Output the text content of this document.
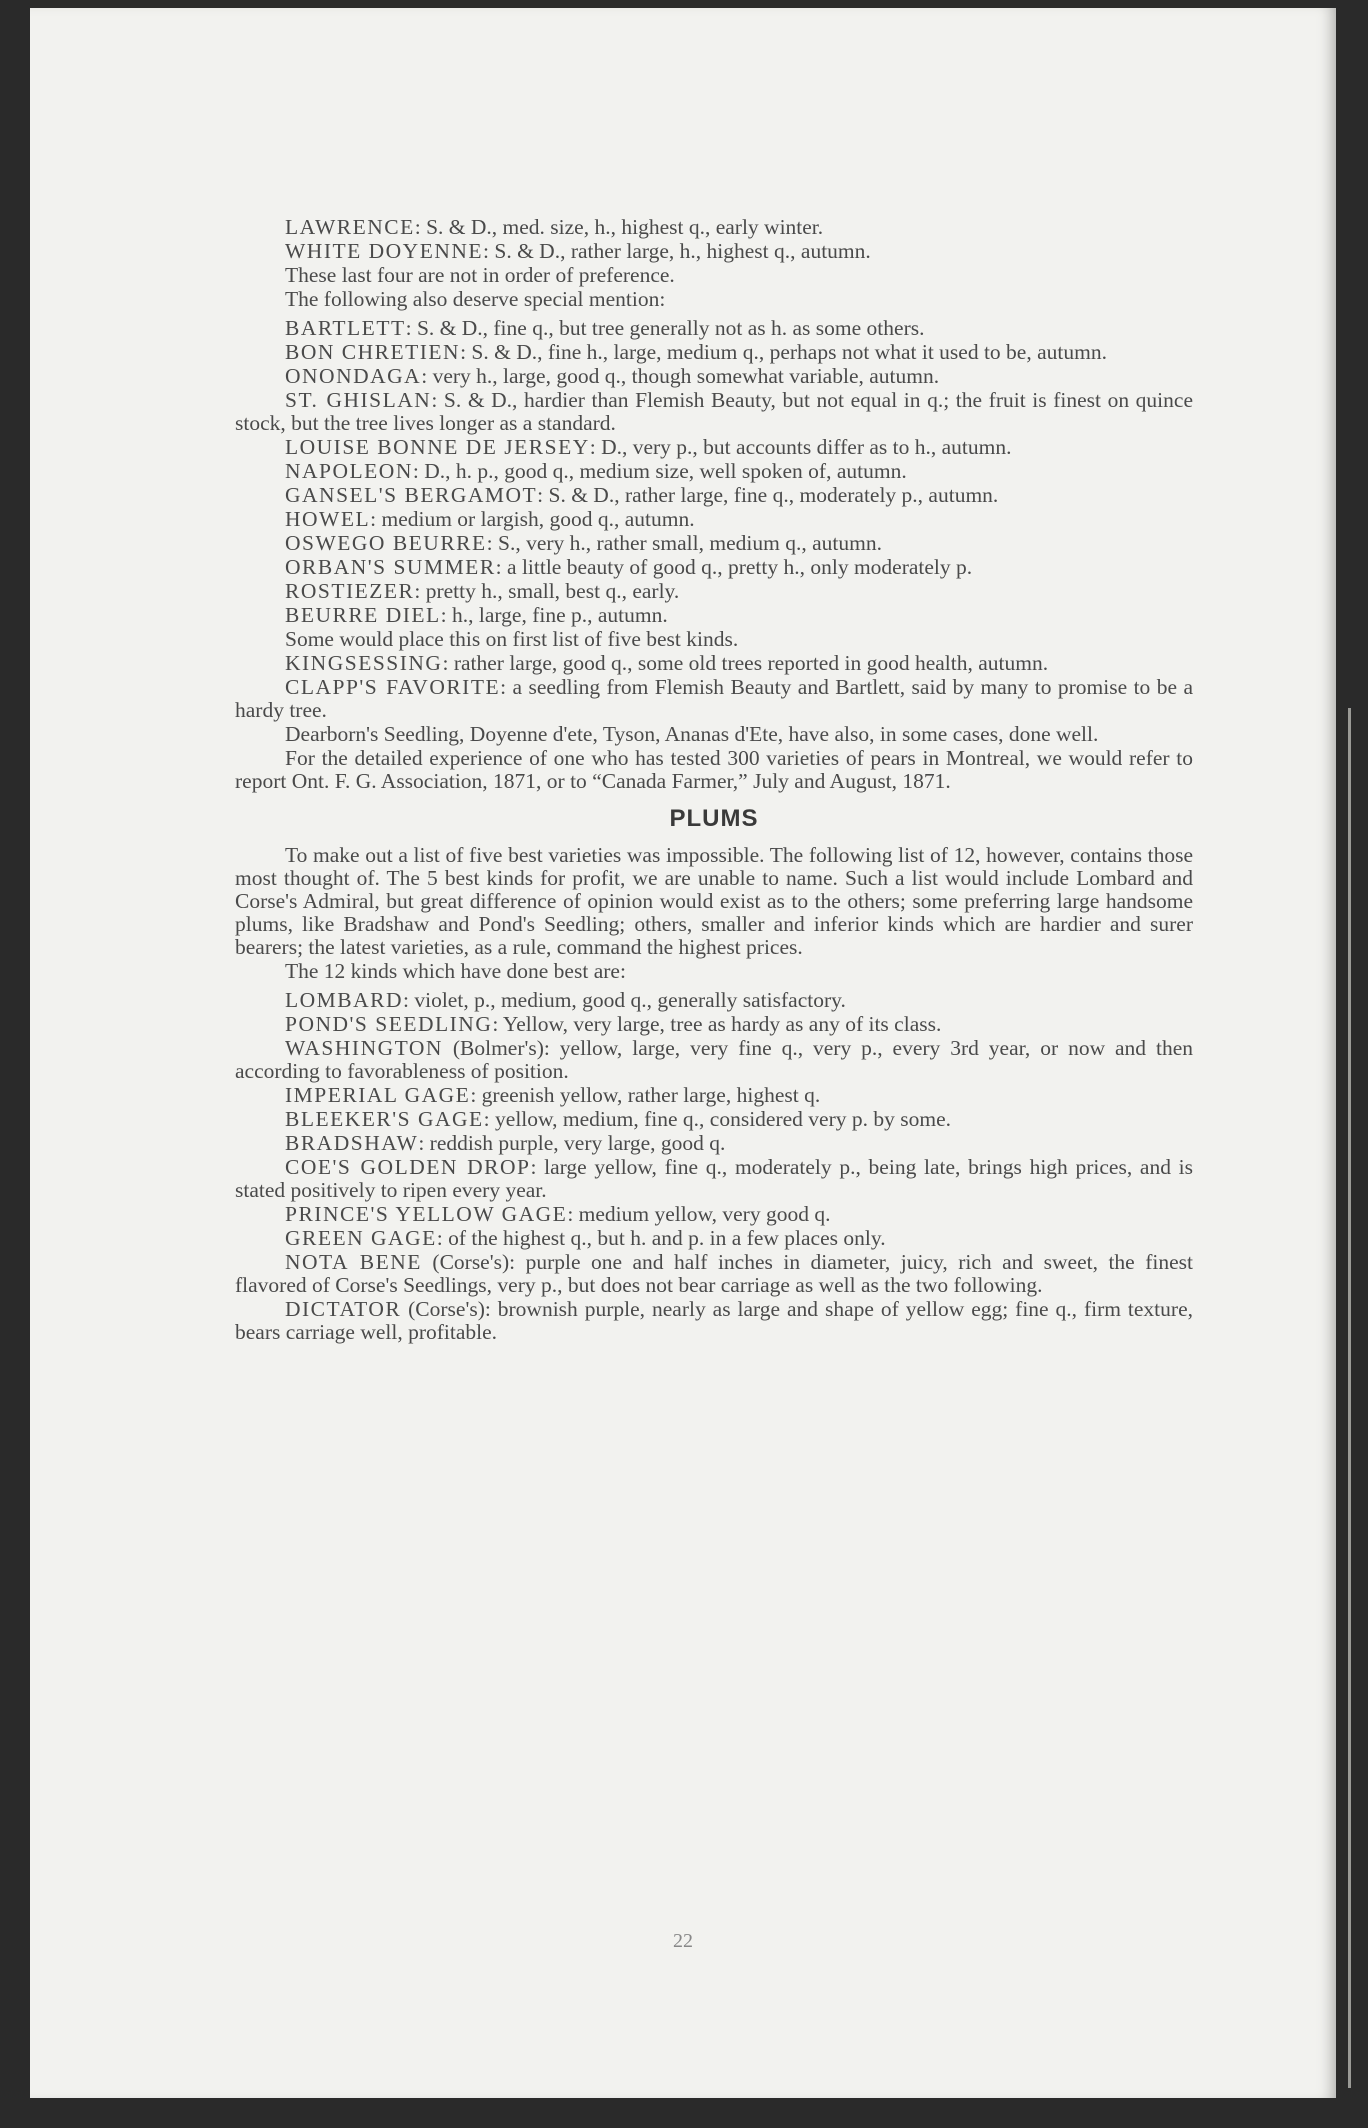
LAWRENCE: S. & D., med. size, h., highest q., early winter.

WHITE DOYENNE: S. & D., rather large, h., highest q., autumn.

These last four are not in order of preference.

The following also deserve special mention:

BARTLETT: S. & D., fine q., but tree generally not as h. as some others.

BON CHRETIEN: S. & D., fine h., large, medium q., perhaps not what it used to be, autumn.

ONONDAGA: very h., large, good q., though somewhat variable, autumn.

ST. GHISLAN: S. & D., hardier than Flemish Beauty, but not equal in q.; the fruit is finest on quince stock, but the tree lives longer as a standard.

LOUISE BONNE DE JERSEY: D., very p., but accounts differ as to h., autumn.

NAPOLEON: D., h. p., good q., medium size, well spoken of, autumn.

GANSEL'S BERGAMOT: S. & D., rather large, fine q., moderately p., autumn.

HOWEL: medium or largish, good q., autumn.

OSWEGO BEURRE: S., very h., rather small, medium q., autumn.

ORBAN'S SUMMER: a little beauty of good q., pretty h., only moderately p.

ROSTIEZER: pretty h., small, best q., early.

BEURRE DIEL: h., large, fine p., autumn.

Some would place this on first list of five best kinds.

KINGSESSING: rather large, good q., some old trees reported in good health, autumn.

CLAPP'S FAVORITE: a seedling from Flemish Beauty and Bartlett, said by many to promise to be a hardy tree.

Dearborn's Seedling, Doyenne d'ete, Tyson, Ananas d'Ete, have also, in some cases, done well.

For the detailed experience of one who has tested 300 varieties of pears in Montreal, we would refer to report Ont. F. G. Association, 1871, or to “Canada Farmer,” July and August, 1871.

PLUMS

To make out a list of five best varieties was impossible. The following list of 12, however, contains those most thought of. The 5 best kinds for profit, we are unable to name. Such a list would include Lombard and Corse's Admiral, but great difference of opinion would exist as to the others; some preferring large handsome plums, like Bradshaw and Pond's Seedling; others, smaller and inferior kinds which are hardier and surer bearers; the latest varieties, as a rule, command the highest prices.

The 12 kinds which have done best are:

LOMBARD: violet, p., medium, good q., generally satisfactory.

POND'S SEEDLING: Yellow, very large, tree as hardy as any of its class.

WASHINGTON (Bolmer's): yellow, large, very fine q., very p., every 3rd year, or now and then according to favorableness of position.

IMPERIAL GAGE: greenish yellow, rather large, highest q.

BLEEKER'S GAGE: yellow, medium, fine q., considered very p. by some.

BRADSHAW: reddish purple, very large, good q.

COE'S GOLDEN DROP: large yellow, fine q., moderately p., being late, brings high prices, and is stated positively to ripen every year.

PRINCE'S YELLOW GAGE: medium yellow, very good q.

GREEN GAGE: of the highest q., but h. and p. in a few places only.

NOTA BENE (Corse's): purple one and half inches in diameter, juicy, rich and sweet, the finest flavored of Corse's Seedlings, very p., but does not bear carriage as well as the two following.

DICTATOR (Corse's): brownish purple, nearly as large and shape of yellow egg; fine q., firm texture, bears carriage well, profitable.

22
